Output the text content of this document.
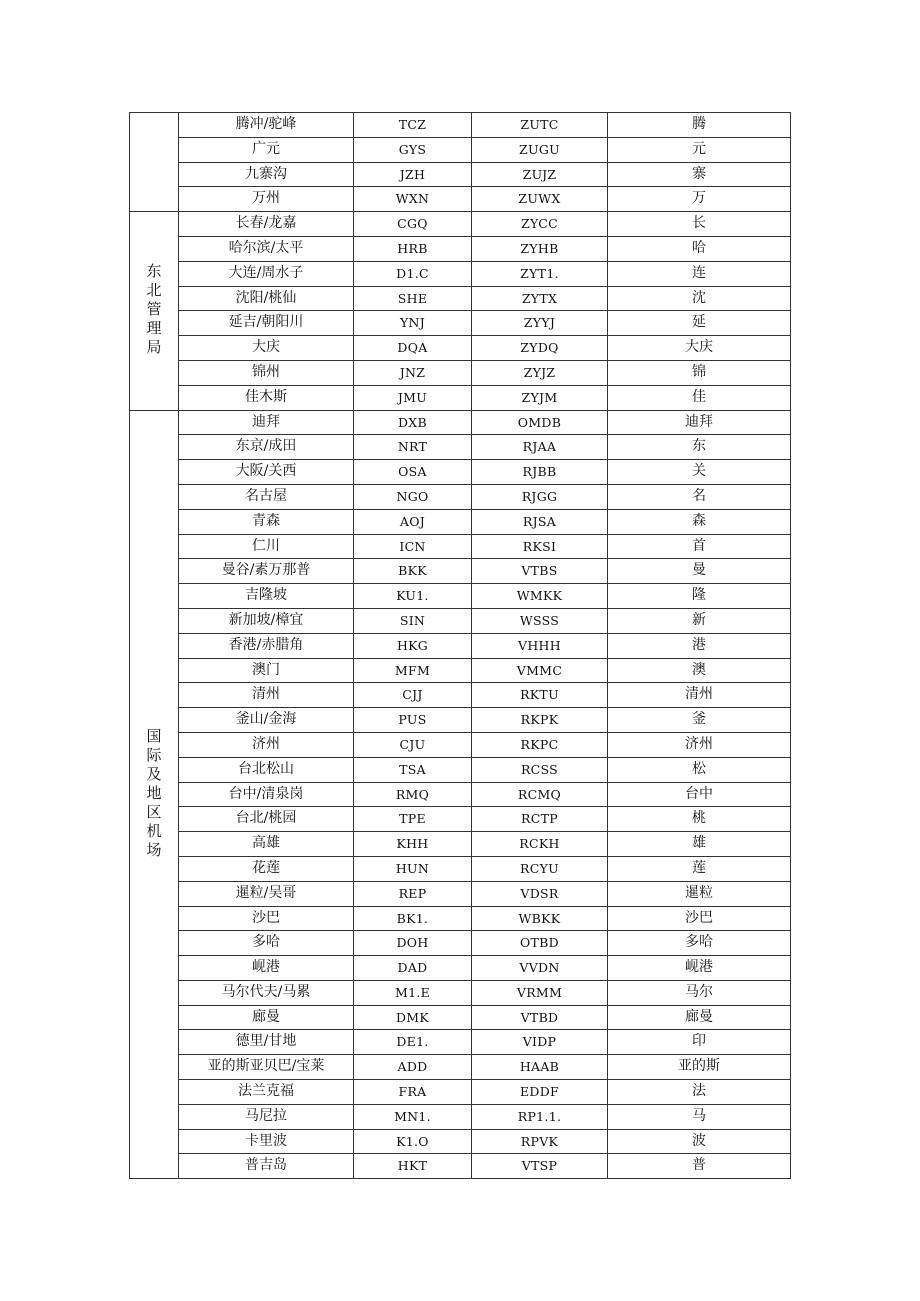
	腾冲/驼峰	TCZ	ZUTC	腾
	广元	GYS	ZUGU	元
	九寨沟	JZH	ZUJZ	寨
	万州	WXN	ZUWX	万
东北管理局	长春/龙嘉	CGQ	ZYCC	长
	哈尔滨/太平	HRB	ZYHB	哈
	大连/周水子	D1.C	ZYT1.	连
	沈阳/桃仙	SHE	ZYTX	沈
	延吉/朝阳川	YNJ	ZYYJ	延
	大庆	DQA	ZYDQ	大庆
	锦州	JNZ	ZYJZ	锦
	佳木斯	JMU	ZYJM	佳
国际及地区机场	迪拜	DXB	OMDB	迪拜
	东京/成田	NRT	RJAA	东
	大阪/关西	OSA	RJBB	关
	名古屋	NGO	RJGG	名
	青森	AOJ	RJSA	森
	仁川	ICN	RKSI	首
	曼谷/素万那普	BKK	VTBS	曼
	吉隆坡	KU1.	WMKK	隆
	新加坡/樟宜	SIN	WSSS	新
	香港/赤腊角	HKG	VHHH	港
	澳门	MFM	VMMC	澳
	清州	CJJ	RKTU	清州
	釜山/金海	PUS	RKPK	釜
	济州	CJU	RKPC	济州
	台北松山	TSA	RCSS	松
	台中/清泉岗	RMQ	RCMQ	台中
	台北/桃园	TPE	RCTP	桃
	高雄	KHH	RCKH	雄
	花莲	HUN	RCYU	莲
	暹粒/吴哥	REP	VDSR	暹粒
	沙巴	BK1.	WBKK	沙巴
	多哈	DOH	OTBD	多哈
	岘港	DAD	VVDN	岘港
	马尔代夫/马累	M1.E	VRMM	马尔
	廊曼	DMK	VTBD	廊曼
	德里/甘地	DE1.	VIDP	印
	亚的斯亚贝巴/宝莱	ADD	HAAB	亚的斯
	法兰克福	FRA	EDDF	法
	马尼拉	MN1.	RP1.1.	马
	卡里波	K1.O	RPVK	波
	普吉岛	HKT	VTSP	普
